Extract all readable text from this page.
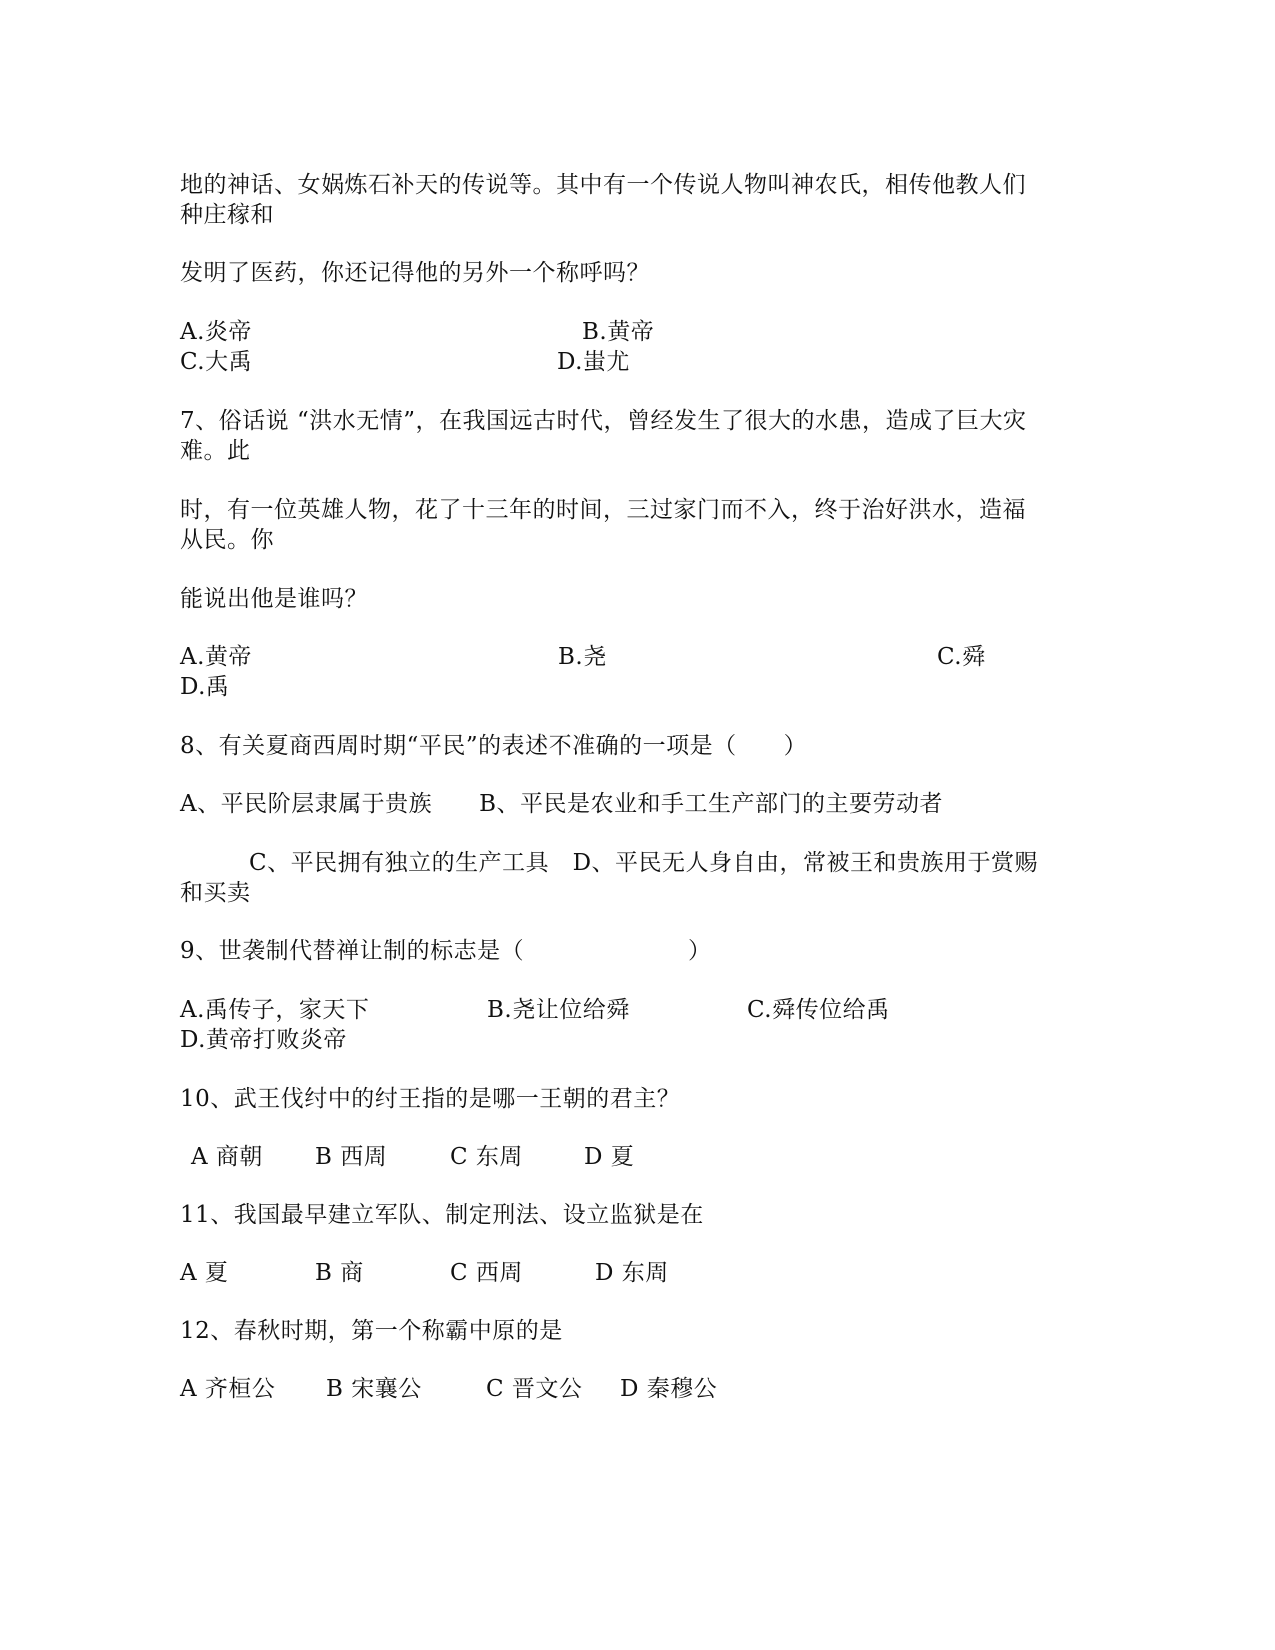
地的神话、女娲炼石补天的传说等。其中有一个传说人物叫神农氏，相传他教人们
种庄稼和
发明了医药，你还记得他的另外一个称呼吗？
A.炎帝	B.黄帝
C.大禹	D.蚩尤
7、俗话说 “洪水无情”，在我国远古时代，曾经发生了很大的水患，造成了巨大灾
难。此
时，有一位英雄人物，花了十三年的时间，三过家门而不入，终于治好洪水，造福
从民。你
能说出他是谁吗？
A.黄帝	B.尧	C.舜
D.禹
8、有关夏商西周时期“平民”的表述不准确的一项是（　　）
A、平民阶层隶属于贵族　　B、平民是农业和手工生产部门的主要劳动者
C、平民拥有独立的生产工具　D、平民无人身自由，常被王和贵族用于赏赐
和买卖
9、世袭制代替禅让制的标志是（	）
A.禹传子，家天下	B.尧让位给舜	C.舜传位给禹
D.黄帝打败炎帝
10、武王伐纣中的纣王指的是哪一王朝的君主？
A 商朝 B 西周	C 东周	D 夏
11、我国最早建立军队、制定刑法、设立监狱是在
A 夏	B 商	C 西周	D 东周
12、春秋时期，第一个称霸中原的是
A 齐桓公 B 宋襄公	C 晋文公 D 秦穆公
